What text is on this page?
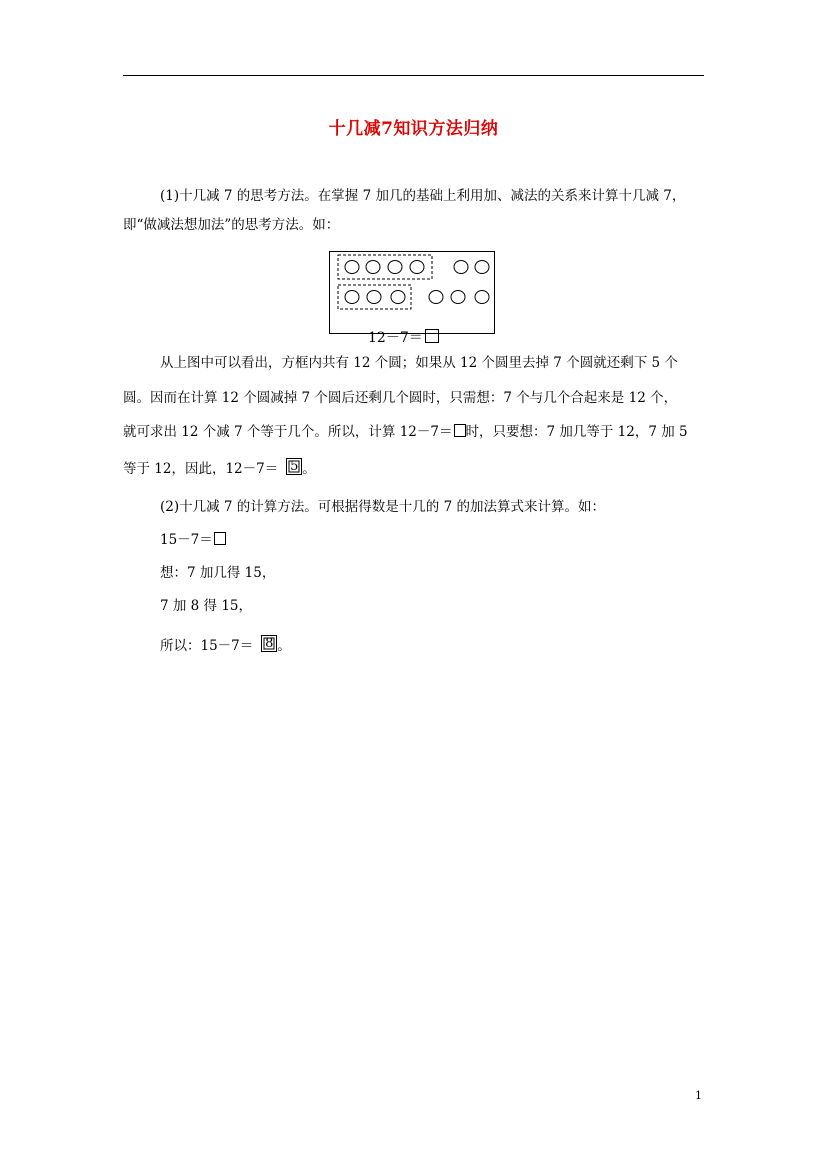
十几减7知识方法归纳
(1)十几减 7 的思考方法。在掌握 7 加几的基础上利用加、减法的关系来计算十几减 7，
即“做减法想加法”的思考方法。如：
12－7＝
从上图中可以看出，方框内共有 12 个圆；如果从 12 个圆里去掉 7 个圆就还剩下 5 个
圆。因而在计算 12 个圆减掉 7 个圆后还剩几个圆时，只需想：7 个与几个合起来是 12 个，
就可求出 12 个减 7 个等于几个。所以，计算 12－7＝ 时，只要想：7 加几等于 12，7 加 5
等于 12，因此，12－7＝ 5 。
(2)十几减 7 的计算方法。可根据得数是十几的 7 的加法算式来计算。如：
15－7＝
想：7 加几得 15，
7 加 8 得 15，
所以：15－7＝ 8 。
1
